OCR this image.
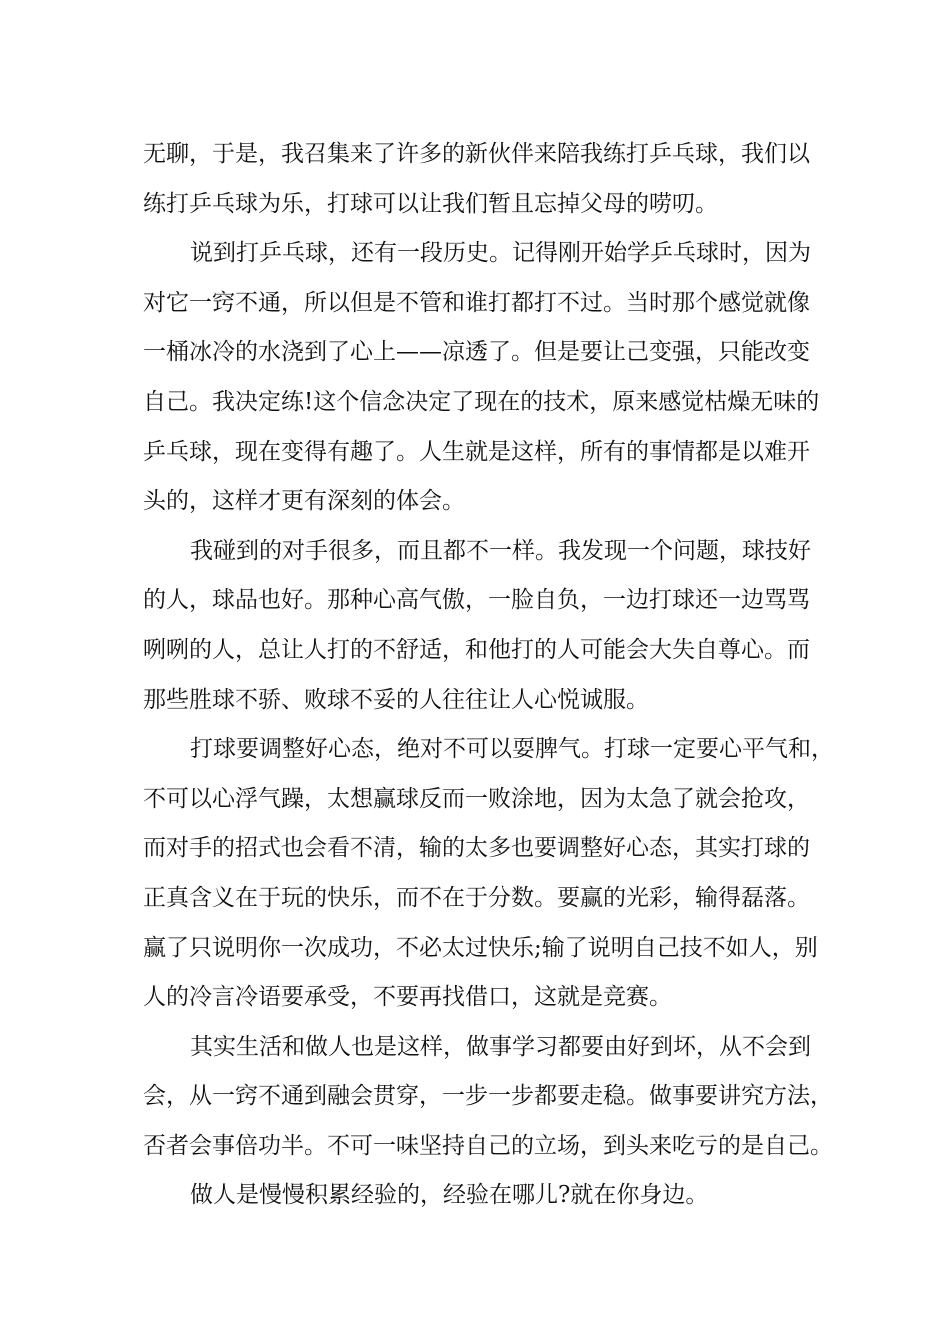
无聊，于是，我召集来了许多的新伙伴来陪我练打乒乓球，我们以
练打乒乓球为乐，打球可以让我们暂且忘掉父母的唠叨。
说到打乒乓球，还有一段历史。记得刚开始学乒乓球时，因为
对它一窍不通，所以但是不管和谁打都打不过。当时那个感觉就像
一桶冰冷的水浇到了心上——凉透了。但是要让己变强，只能改变
自己。我决定练!这个信念决定了现在的技术，原来感觉枯燥无味的
乒乓球，现在变得有趣了。人生就是这样，所有的事情都是以难开
头的，这样才更有深刻的体会。
我碰到的对手很多，而且都不一样。我发现一个问题，球技好
的人，球品也好。那种心高气傲，一脸自负，一边打球还一边骂骂
咧咧的人，总让人打的不舒适，和他打的人可能会大失自尊心。而
那些胜球不骄、败球不妥的人往往让人心悦诚服。
打球要调整好心态，绝对不可以耍脾气。打球一定要心平气和，
不可以心浮气躁，太想赢球反而一败涂地，因为太急了就会抢攻，
而对手的招式也会看不清，输的太多也要调整好心态，其实打球的
正真含义在于玩的快乐，而不在于分数。要赢的光彩，输得磊落。
赢了只说明你一次成功，不必太过快乐;输了说明自己技不如人，别
人的冷言冷语要承受，不要再找借口，这就是竞赛。
其实生活和做人也是这样，做事学习都要由好到坏，从不会到
会，从一窍不通到融会贯穿，一步一步都要走稳。做事要讲究方法，
否者会事倍功半。不可一味坚持自己的立场，到头来吃亏的是自己。
做人是慢慢积累经验的，经验在哪儿?就在你身边。
